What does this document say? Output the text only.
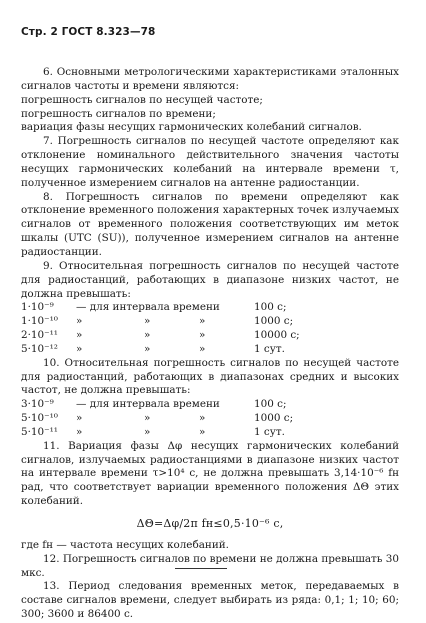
Стр. 2 ГОСТ 8.323—78

6. Основными метрологическими характеристиками эталонных сигналов частоты и времени являются:

погрешность сигналов по несущей частоте;

погрешность сигналов по времени;

вариация фазы несущих гармонических колебаний сигналов.

7. Погрешность сигналов по несущей частоте определяют как отклонение номинального действительного значения частоты несущих гармонических колебаний на интервале времени τ, полученное измерением сигналов на антенне радиостанции.

8. Погрешность сигналов по времени определяют как отклонение временного положения характерных точек излучаемых сигналов от временного положения соответствующих им меток шкалы (UTC (SU)), полученное измерением сигналов на антенне радиостанции.

9. Относительная погрешность сигналов по несущей частоте для радиостанций, работающих в диапазоне низких частот, не должна превышать:

1·10⁻⁹	— для интервала времени	100 с;
1·10⁻¹⁰	»	»	»	1000 с;
2·10⁻¹¹	»	»	»	10000 с;
5·10⁻¹²	»	»	»	1 сут.

10. Относительная погрешность сигналов по несущей частоте для радиостанций, работающих в диапазонах средних и высоких частот, не должна превышать:

3·10⁻⁹	— для интервала времени	100 с;
5·10⁻¹⁰	»	»	»	1000 с;
5·10⁻¹¹	»	»	»	1 сут.

11. Вариация фазы Δφ несущих гармонических колебаний сигналов, излучаемых радиостанциями в диапазоне низких частот на интервале времени τ>10⁴ с, не должна превышать 3,14·10⁻⁶ fн рад, что соответствует вариации временного положения ΔΘ этих колебаний.

ΔΘ=Δφ/2π fн≤0,5·10⁻⁶ с,

где fн — частота несущих колебаний.

12. Погрешность сигналов по времени не должна превышать 30 мкс.

13. Период следования временных меток, передаваемых в составе сигналов времени, следует выбирать из ряда: 0,1; 1; 10; 60; 300; 3600 и 86400 с.
